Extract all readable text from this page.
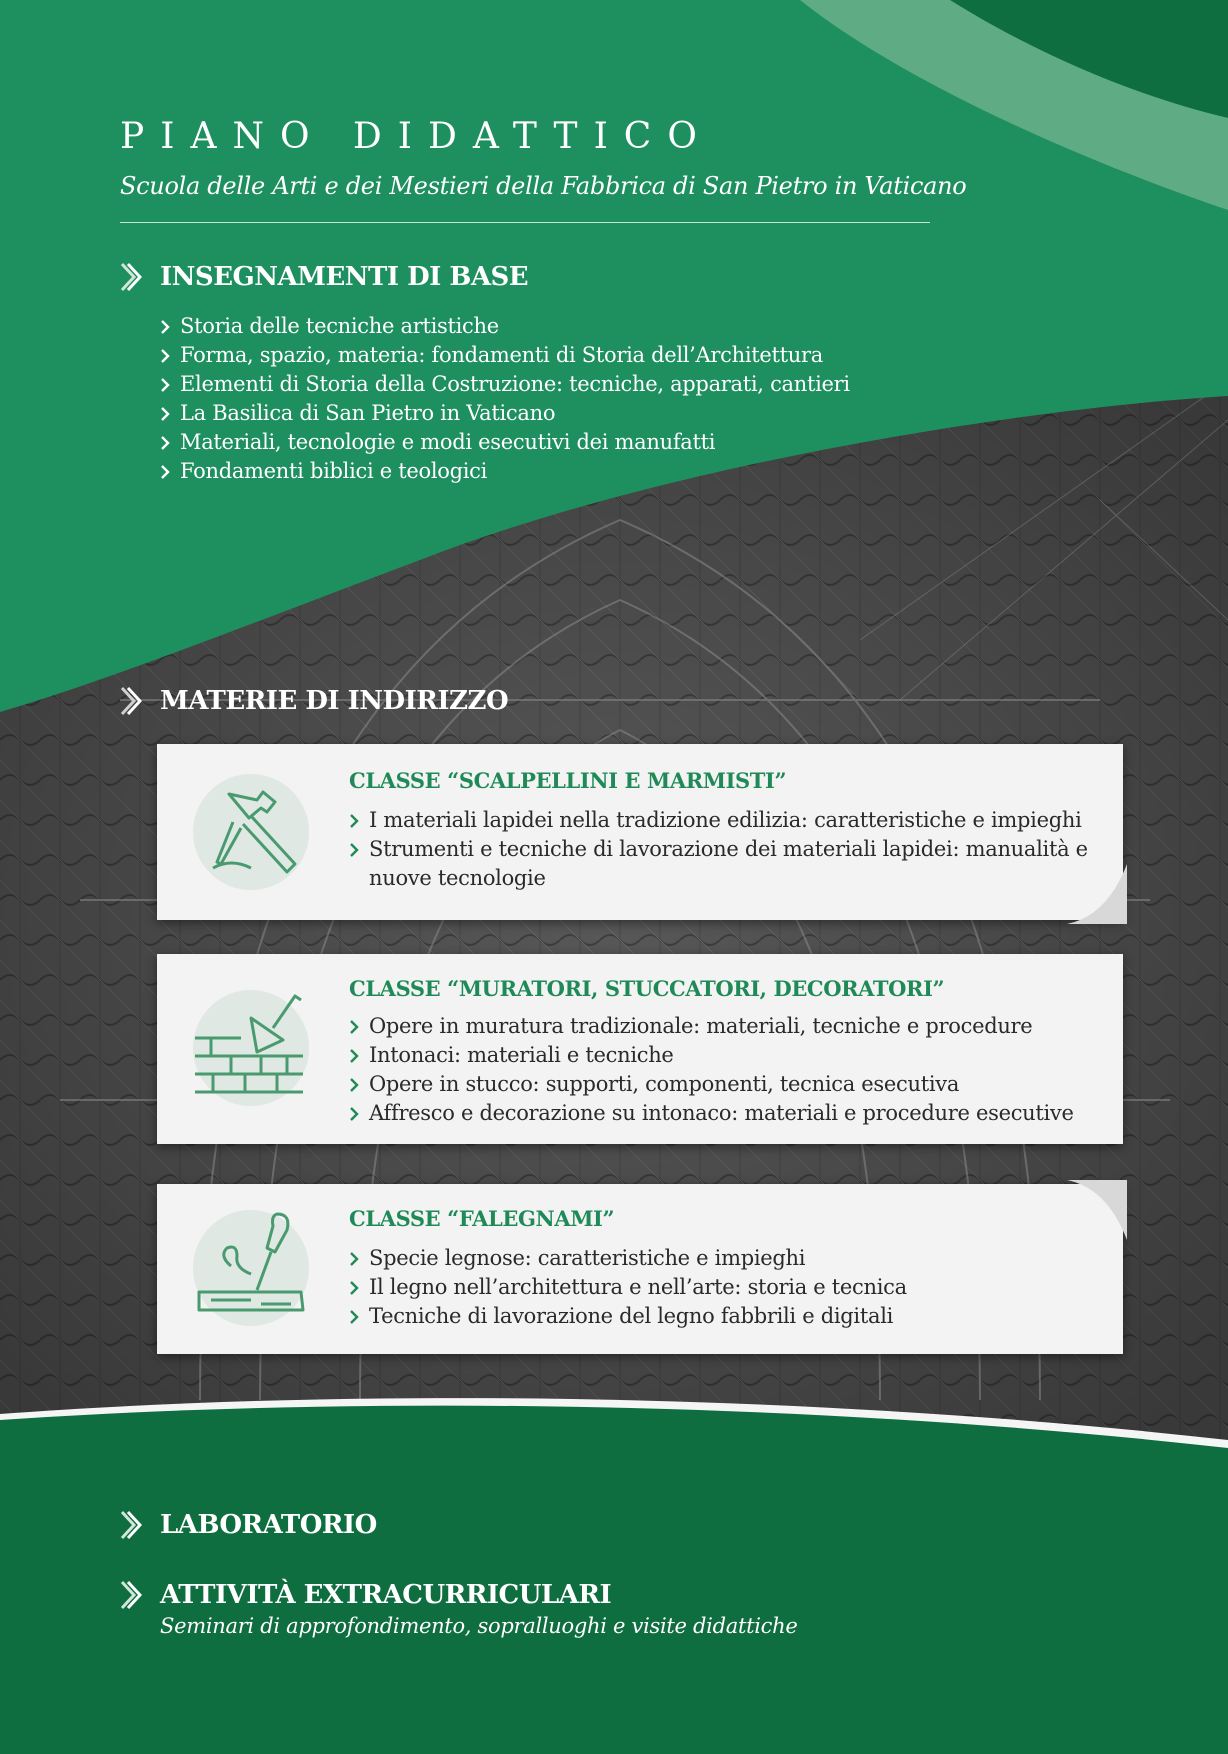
PIANO DIDATTICO

Scuola delle Arti e dei Mestieri della Fabbrica di San Pietro in Vaticano

INSEGNAMENTI DI BASE
Storia delle tecniche artistiche
Forma, spazio, materia: fondamenti di Storia dell’Architettura
Elementi di Storia della Costruzione: tecniche, apparati, cantieri
La Basilica di San Pietro in Vaticano
Materiali, tecnologie e modi esecutivi dei manufatti
Fondamenti biblici e teologici
MATERIE DI INDIRIZZO

CLASSE “SCALPELLINI E MARMISTI”

I materiali lapidei nella tradizione edilizia: caratteristiche e impieghi
Strumenti e tecniche di lavorazione dei materiali lapidei: manualità e nuove tecnologie

CLASSE “MURATORI, STUCCATORI, DECORATORI”

Opere in muratura tradizionale: materiali, tecniche e procedure
Intonaci: materiali e tecniche
Opere in stucco: supporti, componenti, tecnica esecutiva
Affresco e decorazione su intonaco: materiali e procedure esecutive

CLASSE “FALEGNAMI”

Specie legnose: caratteristiche e impieghi
Il legno nell’architettura e nell’arte: storia e tecnica
Tecniche di lavorazione del legno fabbrili e digitali
LABORATORIO
ATTIVITÀ EXTRACURRICULARI

Seminari di approfondimento, sopralluoghi e visite didattiche
